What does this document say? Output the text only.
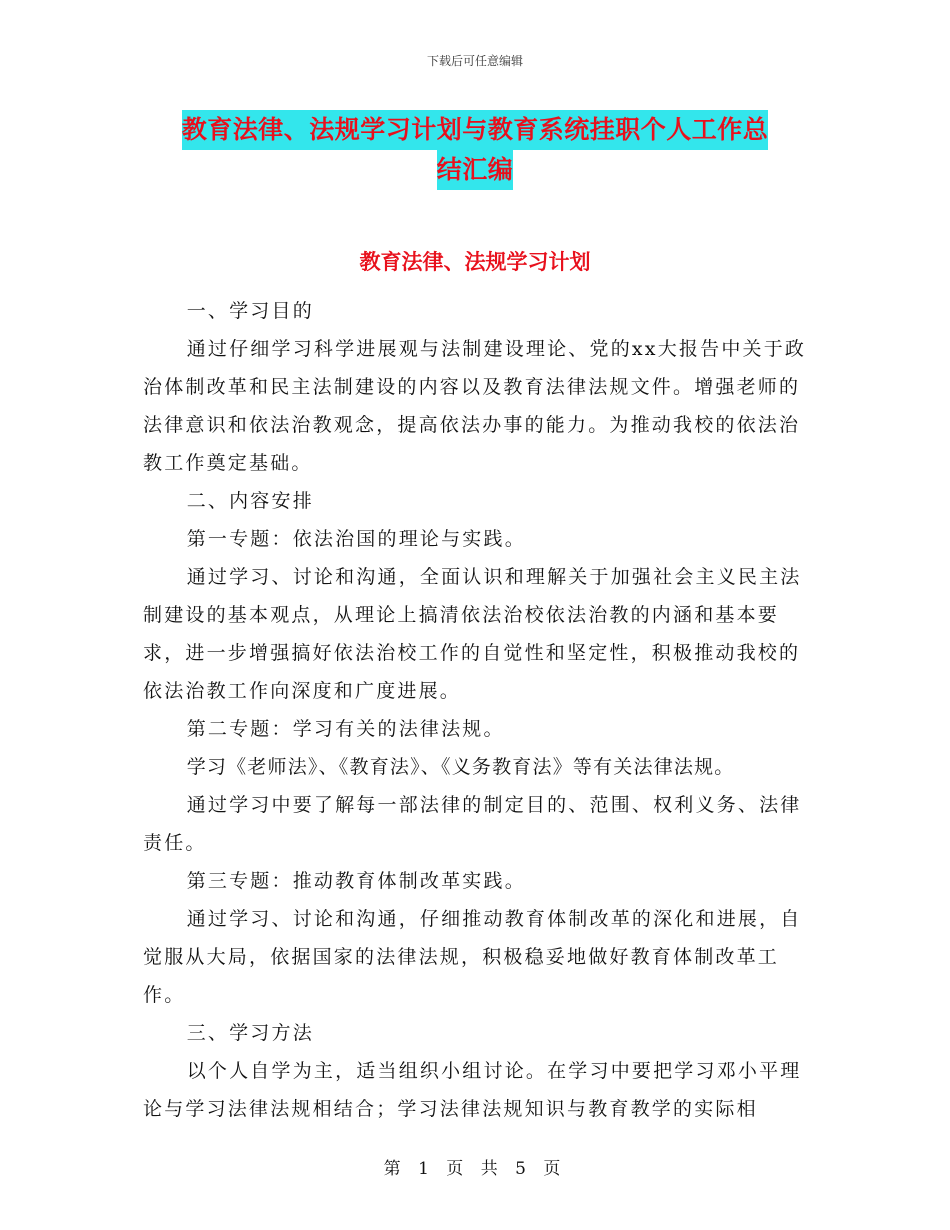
下载后可任意编辑
教育法律、法规学习计划与教育系统挂职个人工作总
结汇编
教育法律、法规学习计划

一、学习目的

通过仔细学习科学进展观与法制建设理论、党的xx大报告中关于政治体制改革和民主法制建设的内容以及教育法律法规文件。增强老师的法律意识和依法治教观念，提高依法办事的能力。为推动我校的依法治教工作奠定基础。

二、内容安排

第一专题：依法治国的理论与实践。

通过学习、讨论和沟通，全面认识和理解关于加强社会主义民主法制建设的基本观点，从理论上搞清依法治校依法治教的内涵和基本要求，进一步增强搞好依法治校工作的自觉性和坚定性，积极推动我校的依法治教工作向深度和广度进展。

第二专题：学习有关的法律法规。

学习《老师法》、《教育法》、《义务教育法》等有关法律法规。

通过学习中要了解每一部法律的制定目的、范围、权利义务、法律责任。

第三专题：推动教育体制改革实践。

通过学习、讨论和沟通，仔细推动教育体制改革的深化和进展，自觉服从大局，依据国家的法律法规，积极稳妥地做好教育体制改革工作。

三、学习方法

以个人自学为主，适当组织小组讨论。在学习中要把学习邓小平理论与学习法律法规相结合；学习法律法规知识与教育教学的实际相

第 1 页 共 5 页
